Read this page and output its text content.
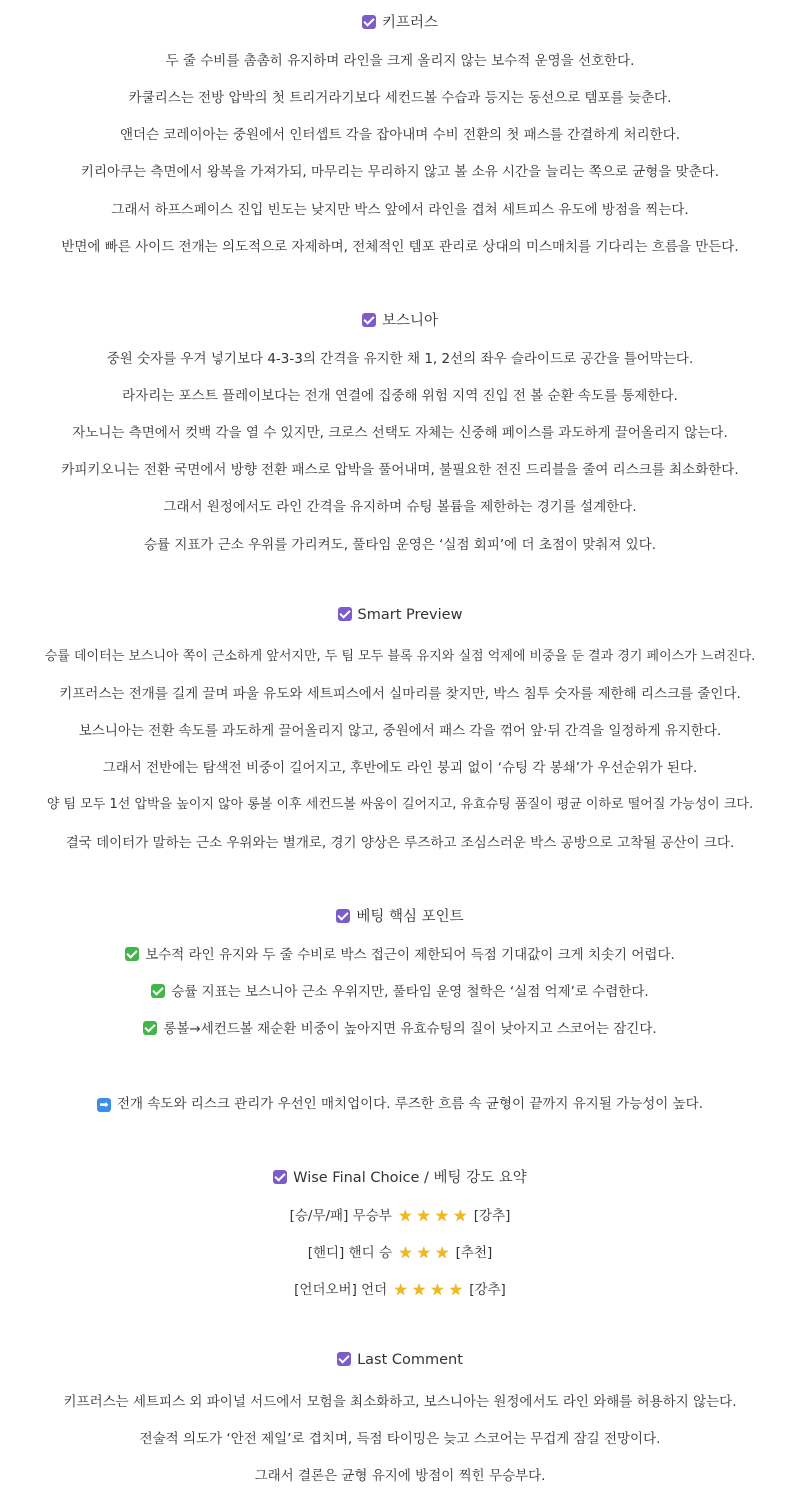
키프러스
두 줄 수비를 촘촘히 유지하며 라인을 크게 올리지 않는 보수적 운영을 선호한다.
카쿨리스는 전방 압박의 첫 트리거라기보다 세컨드볼 수습과 등지는 동선으로 템포를 늦춘다.
앤더슨 코레이아는 중원에서 인터셉트 각을 잡아내며 수비 전환의 첫 패스를 간결하게 처리한다.
키리아쿠는 측면에서 왕복을 가져가되, 마무리는 무리하지 않고 볼 소유 시간을 늘리는 쪽으로 균형을 맞춘다.
그래서 하프스페이스 진입 빈도는 낮지만 박스 앞에서 라인을 겹쳐 세트피스 유도에 방점을 찍는다.
반면에 빠른 사이드 전개는 의도적으로 자제하며, 전체적인 템포 관리로 상대의 미스매치를 기다리는 흐름을 만든다.
보스니아
중원 숫자를 우겨 넣기보다 4-3-3의 간격을 유지한 채 1, 2선의 좌우 슬라이드로 공간을 틀어막는다.
라자리는 포스트 플레이보다는 전개 연결에 집중해 위험 지역 진입 전 볼 순환 속도를 통제한다.
자노니는 측면에서 컷백 각을 열 수 있지만, 크로스 선택도 자체는 신중해 페이스를 과도하게 끌어올리지 않는다.
카피키오니는 전환 국면에서 방향 전환 패스로 압박을 풀어내며, 불필요한 전진 드리블을 줄여 리스크를 최소화한다.
그래서 원정에서도 라인 간격을 유지하며 슈팅 볼륨을 제한하는 경기를 설계한다.
승률 지표가 근소 우위를 가리켜도, 풀타임 운영은 ‘실점 회피’에 더 초점이 맞춰져 있다.
Smart Preview
승률 데이터는 보스니아 쪽이 근소하게 앞서지만, 두 팀 모두 블록 유지와 실점 억제에 비중을 둔 결과 경기 페이스가 느려진다.
키프러스는 전개를 길게 끌며 파울 유도와 세트피스에서 실마리를 찾지만, 박스 침투 숫자를 제한해 리스크를 줄인다.
보스니아는 전환 속도를 과도하게 끌어올리지 않고, 중원에서 패스 각을 꺾어 앞·뒤 간격을 일정하게 유지한다.
그래서 전반에는 탐색전 비중이 길어지고, 후반에도 라인 붕괴 없이 ‘슈팅 각 봉쇄’가 우선순위가 된다.
양 팀 모두 1선 압박을 높이지 않아 롱볼 이후 세컨드볼 싸움이 길어지고, 유효슈팅 품질이 평균 이하로 떨어질 가능성이 크다.
결국 데이터가 말하는 근소 우위와는 별개로, 경기 양상은 루즈하고 조심스러운 박스 공방으로 고착될 공산이 크다.
베팅 핵심 포인트
보수적 라인 유지와 두 줄 수비로 박스 접근이 제한되어 득점 기대값이 크게 치솟기 어렵다.
승률 지표는 보스니아 근소 우위지만, 풀타임 운영 철학은 ‘실점 억제’로 수렴한다.
롱볼→세컨드볼 재순환 비중이 높아지면 유효슈팅의 질이 낮아지고 스코어는 잠긴다.
➡ 전개 속도와 리스크 관리가 우선인 매치업이다. 루즈한 흐름 속 균형이 끝까지 유지될 가능성이 높다.
Wise Final Choice / 베팅 강도 요약
[승/무/패] 무승부 ★ ★ ★ ★ [강추]
[핸디] 핸디 승 ★ ★ ★ [추천]
[언더오버] 언더 ★ ★ ★ ★ [강추]
Last Comment
키프러스는 세트피스 외 파이널 서드에서 모험을 최소화하고, 보스니아는 원정에서도 라인 와해를 허용하지 않는다.
전술적 의도가 ‘안전 제일’로 겹치며, 득점 타이밍은 늦고 스코어는 무겁게 잠길 전망이다.
그래서 결론은 균형 유지에 방점이 찍힌 무승부다.
